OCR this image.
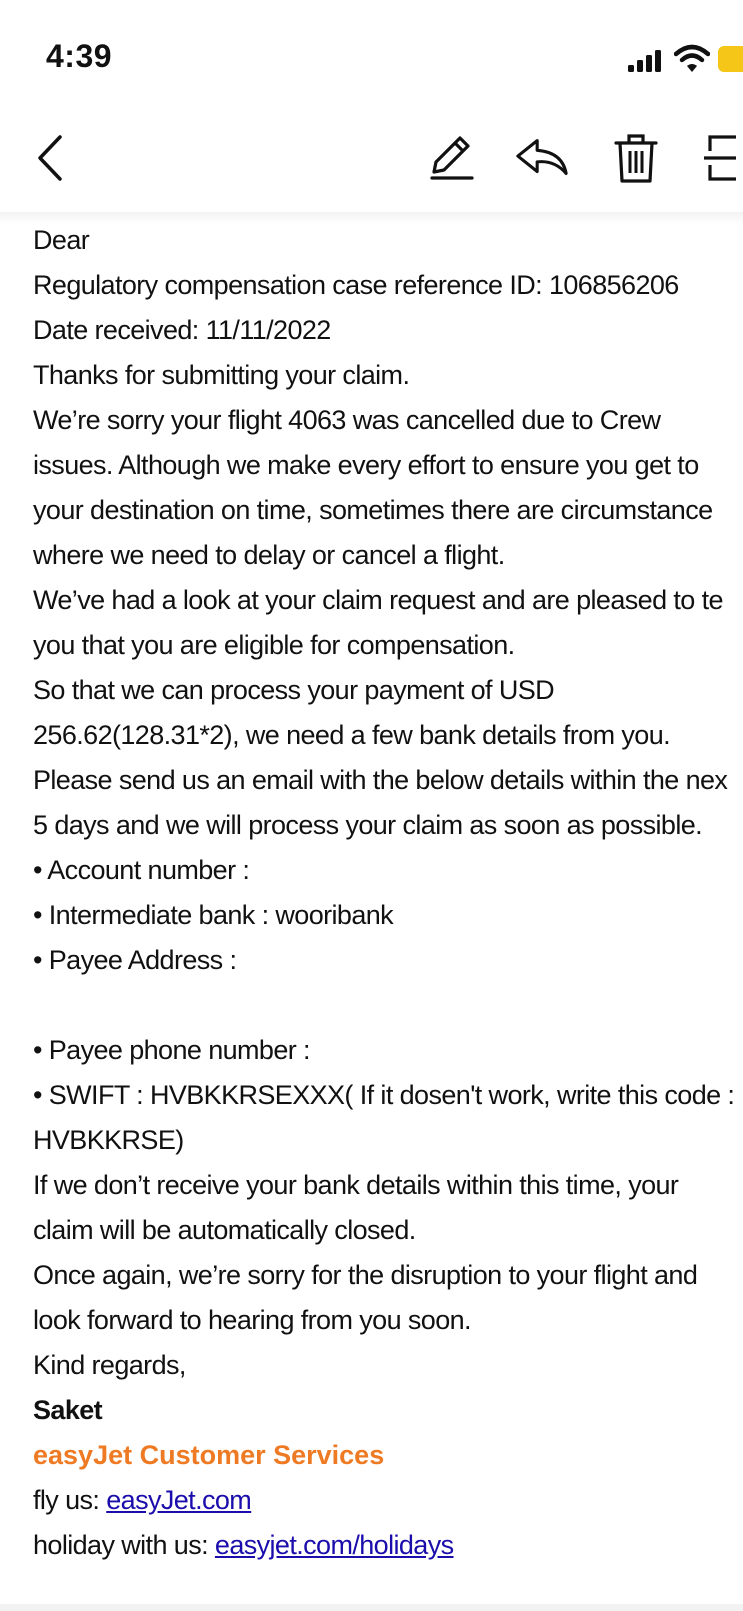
4:39
Dear
Regulatory compensation case reference ID: 106856206
Date received: 11/11/2022
Thanks for submitting your claim.
We’re sorry your flight 4063 was cancelled due to Crew
issues. Although we make every effort to ensure you get to
your destination on time, sometimes there are circumstance
where we need to delay or cancel a flight.
We’ve had a look at your claim request and are pleased to te
you that you are eligible for compensation.
So that we can process your payment of USD
256.62(128.31*2), we need a few bank details from you.
Please send us an email with the below details within the nex
5 days and we will process your claim as soon as possible.
• Account number :
• Intermediate bank : wooribank
• Payee Address :
• Payee phone number :
• SWIFT : HVBKKRSEXXX( If it dosen't work, write this code :
HVBKKRSE)
If we don’t receive your bank details within this time, your
claim will be automatically closed.
Once again, we’re sorry for the disruption to your flight and
look forward to hearing from you soon.
Kind regards,
Saket
easyJet Customer Services
fly us: easyJet.com
holiday with us: easyjet.com/holidays
